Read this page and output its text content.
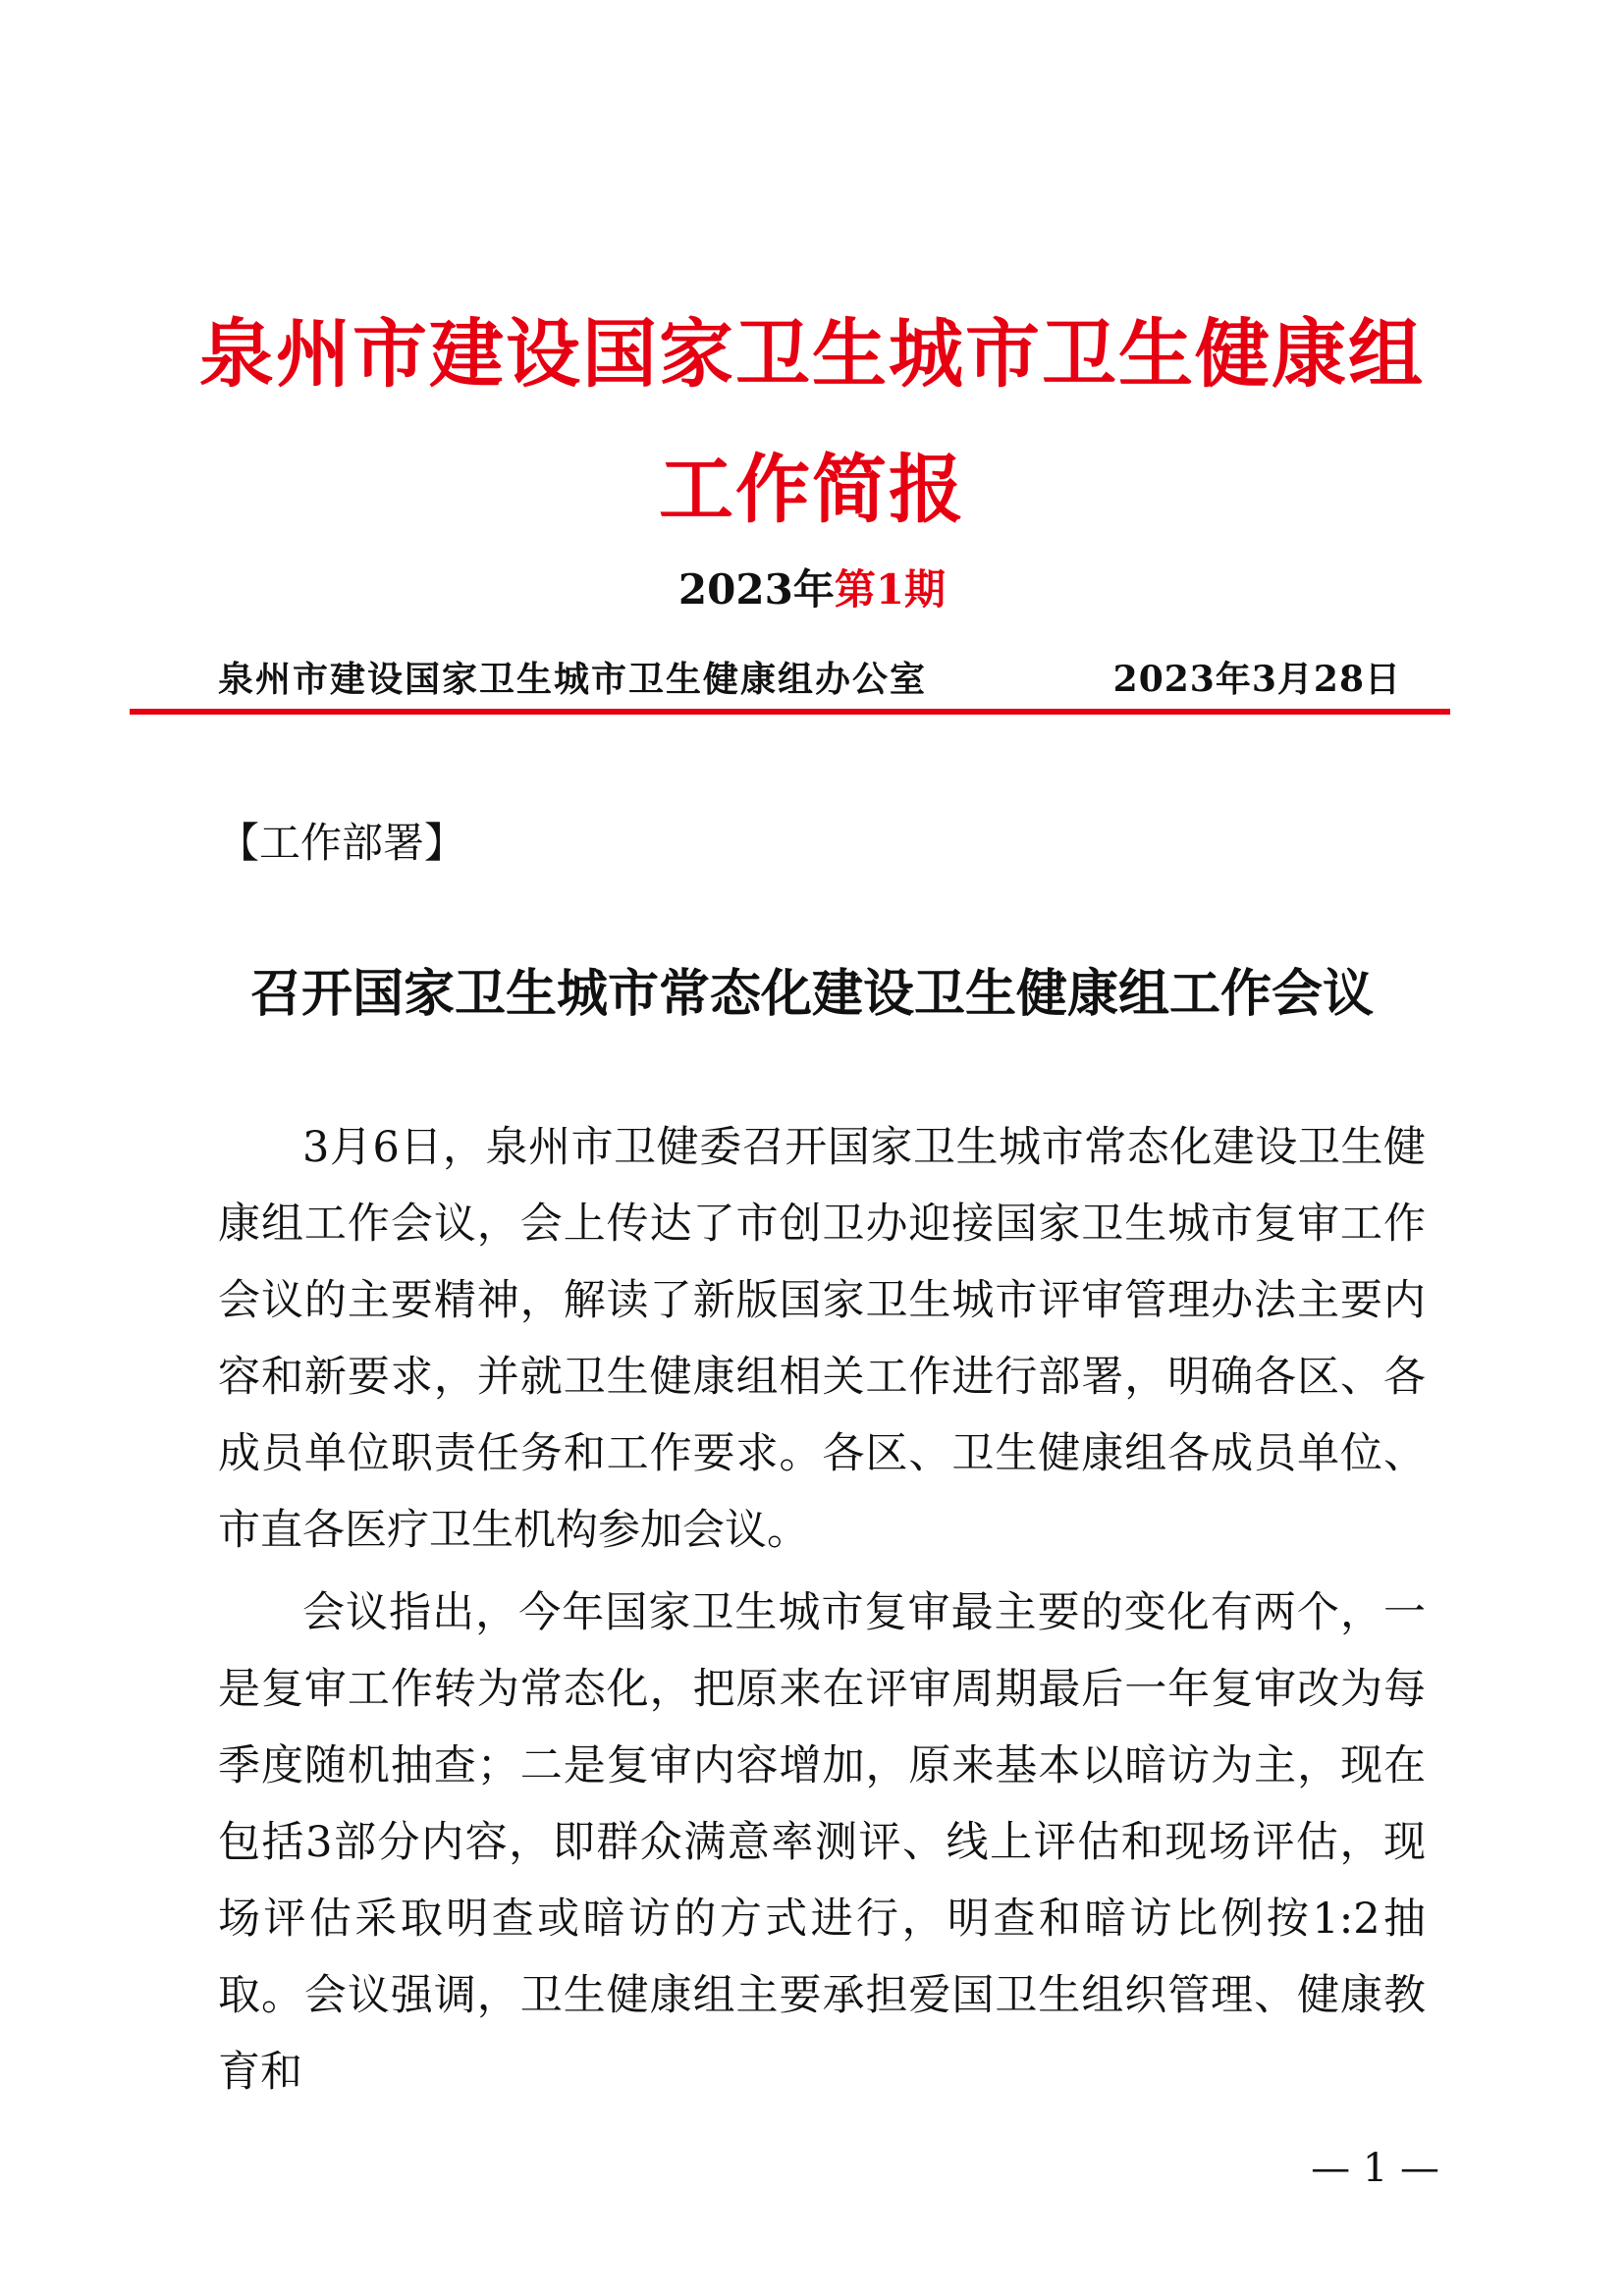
泉州市建设国家卫生城市卫生健康组
工作简报
2023年第1期
泉州市建设国家卫生城市卫生健康组办公室	2023年3月28日
【工作部署】
召开国家卫生城市常态化建设卫生健康组工作会议

3月6日，泉州市卫健委召开国家卫生城市常态化建设卫生健康组工作会议，会上传达了市创卫办迎接国家卫生城市复审工作会议的主要精神，解读了新版国家卫生城市评审管理办法主要内容和新要求，并就卫生健康组相关工作进行部署，明确各区、各成员单位职责任务和工作要求。各区、卫生健康组各成员单位、市直各医疗卫生机构参加会议。

会议指出，今年国家卫生城市复审最主要的变化有两个，一是复审工作转为常态化，把原来在评审周期最后一年复审改为每季度随机抽查；二是复审内容增加，原来基本以暗访为主，现在包括3部分内容，即群众满意率测评、线上评估和现场评估，现场评估采取明查或暗访的方式进行，明查和暗访比例按1:2抽取。会议强调，卫生健康组主要承担爱国卫生组织管理、健康教育和

— 1 —
